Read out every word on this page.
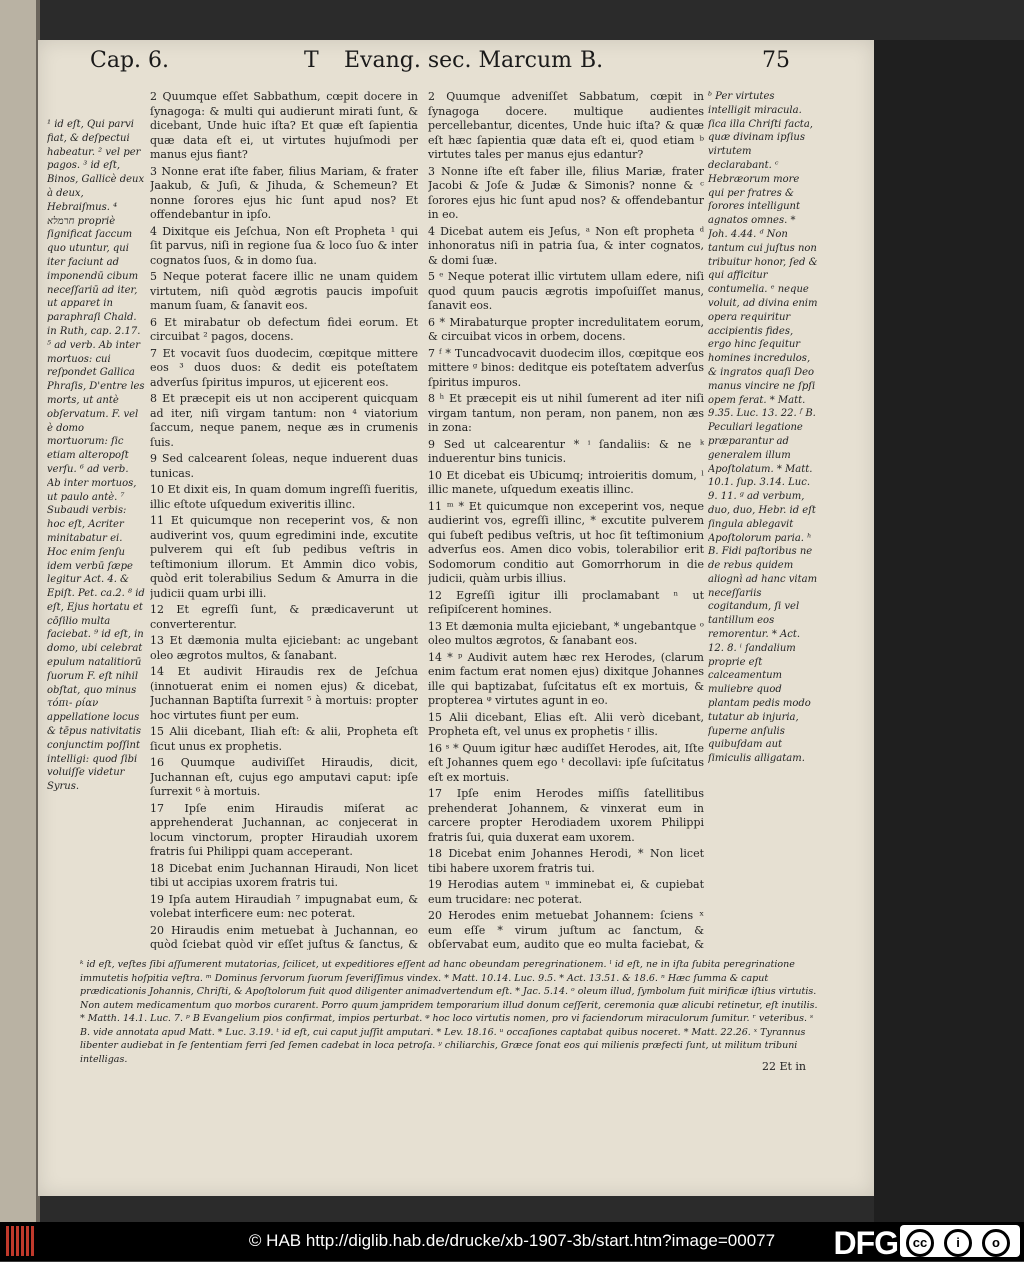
Cap. 6.	T Evang. sec. Marcum B.	75
¹ id eſt, Qui parvi fiat, & deſpectui habeatur. ² vel per pagos. ³ id eſt, Binos, Gallicè deux à deux, Hebraiſmus. ⁴ חרמלא propriè ſignificat ſaccum quo utuntur, qui iter faciunt ad imponendū cibum neceſſariū ad iter, ut apparet in paraphraſi Chald. in Ruth, cap. 2.17. ⁵ ad verb. Ab inter mortuos: cui reſpondet Gallica Phraſis, D'entre les morts, ut antè obſervatum. F. vel è domo mortuorum: ſic etiam alteropoſt verſu. ⁶ ad verb. Ab inter mortuos, ut paulo antè. ⁷ Subaudi verbis: hoc eſt, Acriter minitabatur ei. Hoc enim ſenſu idem verbū ſæpe legitur Act. 4. & Epiſt. Pet. ca.2. ⁸ id eſt, Ejus hortatu et cōſilio multa faciebat. ⁹ id eſt, in domo, ubi celebrat epulum natalitiorū ſuorum F. eſt nihil obſtat, quo minus τόπι- ρίαν appellatione locus & tēpus nativitatis conjunctim poſſint intelligi: quod ſibi voluiſſe videtur Syrus.

2 Quumque eſſet Sabbathum, cœpit docere in ſynagoga: & multi qui audierunt mirati ſunt, & dicebant, Unde huic iſta? Et quæ eſt ſapientia quæ data eſt ei, ut virtutes hujuſmodi per manus ejus fiant?

3 Nonne erat iſte faber, filius Mariam, & frater Jaakub, & Juſi, & Jihuda, & Schemeun? Et nonne ſorores ejus hic ſunt apud nos? Et offendebantur in ipſo.

4 Dixitque eis Jeſchua, Non eſt Propheta ¹ qui ſit parvus, niſi in regione ſua & loco ſuo & inter cognatos ſuos, & in domo ſua.

5 Neque poterat facere illic ne unam quidem virtutem, niſi quòd ægrotis paucis impoſuit manum ſuam, & ſanavit eos.

6 Et mirabatur ob defectum fidei eorum. Et circuibat ² pagos, docens.

7 Et vocavit ſuos duodecim, cœpitque mittere eos ³ duos duos: & dedit eis poteſtatem adverſus ſpiritus impuros, ut ejicerent eos.

8 Et præcepit eis ut non acciperent quicquam ad iter, niſi virgam tantum: non ⁴ viatorium ſaccum, neque panem, neque æs in crumenis ſuis.

9 Sed calcearent ſoleas, neque induerent duas tunicas.

10 Et dixit eis, In quam domum ingreſſi fueritis, illic eſtote uſquedum exiveritis illinc.

11 Et quicumque non receperint vos, & non audiverint vos, quum egredimini inde, excutite pulverem qui eſt ſub pedibus veſtris in teſtimonium illorum. Et Ammin dico vobis, quòd erit tolerabilius Sedum & Amurra in die judicii quam urbi illi.

12 Et egreſſi ſunt, & prædicaverunt ut converterentur.

13 Et dæmonia multa ejiciebant: ac ungebant oleo ægrotos multos, & ſanabant.

14 Et audivit Hiraudis rex de Jeſchua (innotuerat enim ei nomen ejus) & dicebat, Juchannan Baptiſta ſurrexit ⁵ à mortuis: propter hoc virtutes fiunt per eum.

15 Alii dicebant, Iliah eſt: & alii, Propheta eſt ſicut unus ex prophetis.

16 Quumque audiviſſet Hiraudis, dicit, Juchannan eſt, cujus ego amputavi caput: ipſe ſurrexit ⁶ à mortuis.

17 Ipſe enim Hiraudis miſerat ac apprehenderat Juchannan, ac conjecerat in locum vinctorum, propter Hiraudiah uxorem fratris ſui Philippi quam acceperant.

18 Dicebat enim Juchannan Hiraudi, Non licet tibi ut accipias uxorem fratris tui.

19 Ipſa autem Hiraudiah ⁷ impugnabat eum, & volebat interficere eum: nec poterat.

20 Hiraudis enim metuebat à Juchannan, eo quòd ſciebat quòd vir eſſet juſtus & ſanctus, &

2 Quumque adveniſſet Sabbatum, cœpit in ſynagoga docere. multique audientes percellebantur, dicentes, Unde huic iſta? & quæ eſt hæc ſapientia quæ data eſt ei, quod etiam ᵇ virtutes tales per manus ejus edantur?

3 Nonne iſte eſt faber ille, filius Mariæ, frater Jacobi & Joſe & Judæ & Simonis? nonne & ᶜ ſorores ejus hic ſunt apud nos? & offendebantur in eo.

4 Dicebat autem eis Jeſus, ᵃ Non eſt propheta ᵈ inhonoratus niſi in patria ſua, & inter cognatos, & domi ſuæ.

5 ᵉ Neque poterat illic virtutem ullam edere, niſi quod quum paucis ægrotis impoſuiſſet manus, ſanavit eos.

6 * Mirabaturque propter incredulitatem eorum, & circuibat vicos in orbem, docens.

7 ᶠ * Tuncadvocavit duodecim illos, cœpitque eos mittere ᵍ binos: deditque eis poteſtatem adverſus ſpiritus impuros.

8 ʰ Et præcepit eis ut nihil ſumerent ad iter niſi virgam tantum, non peram, non panem, non æs in zona:

9 Sed ut calcearentur * ⁱ ſandaliis: & ne ᵏ induerentur bins tunicis.

10 Et dicebat eis Ubicumq; introieritis domum, ˡ illic manete, uſquedum exeatis illinc.

11 ᵐ * Et quicumque non exceperint vos, neque audierint vos, egreſſi illinc, * excutite pulverem qui ſubeſt pedibus veſtris, ut hoc ſit teſtimonium adverſus eos. Amen dico vobis, tolerabilior erit Sodomorum conditio aut Gomorrhorum in die judicii, quàm urbis illius.

12 Egreſſi igitur illi proclamabant ⁿ ut reſipiſcerent homines.

13 Et dæmonia multa ejiciebant, * ungebantque ᵒ oleo multos ægrotos, & ſanabant eos.

14 * ᵖ Audivit autem hæc rex Herodes, (clarum enim factum erat nomen ejus) dixitque Johannes ille qui baptizabat, ſuſcitatus eſt ex mortuis, & propterea ᵠ virtutes agunt in eo.

15 Alii dicebant, Elias eſt. Alii verò dicebant, Propheta eſt, vel unus ex prophetis ʳ illis.

16 ˢ * Quum igitur hæc audiſſet Herodes, ait, Iſte eſt Johannes quem ego ᵗ decollavi: ipſe ſuſcitatus eſt ex mortuis.

17 Ipſe enim Herodes miſſis ſatellitibus prehenderat Johannem, & vinxerat eum in carcere propter Herodiadem uxorem Philippi fratris ſui, quia duxerat eam uxorem.

18 Dicebat enim Johannes Herodi, * Non licet tibi habere uxorem fratris tui.

19 Herodias autem ᵘ imminebat ei, & cupiebat eum trucidare: nec poterat.

20 Herodes enim metuebat Johannem: ſciens ˣ eum eſſe * virum juſtum ac ſanctum, & obſervabat eum, audito que eo multa faciebat, &

ᵇ Per virtutes intelligit miracula. ſica illa Chriſti facta, quæ divinam ipſius virtutem declarabant. ᶜ Hebræorum more qui per fratres & ſorores intelligunt agnatos omnes. * Joh. 4.44. ᵈ Non tantum cui juſtus non tribuitur honor, ſed & qui afficitur contumelia. ᵉ neque voluit, ad divina enim opera requiritur accipientis fides, ergo hinc ſequitur homines incredulos, & ingratos quaſi Deo manus vincire ne ſpſi opem ferat. * Matt. 9.35. Luc. 13. 22. ᶠ B. Peculiari legatione præparantur ad generalem illum Apoſtolatum. * Matt. 10.1. ſup. 3.14. Luc. 9. 11. ᵍ ad verbum, duo, duo, Hebr. id eſt ſingula ablegavit Apoſtolorum paria. ʰ B. Fidi paſtoribus ne de rebus quidem aliognì ad hanc vitam neceſſariis cogitandum, ſi vel tantillum eos remorentur. * Act. 12. 8. ⁱ ſandalium proprie eſt calceamentum muliebre quod plantam pedis modo tutatur ab injuria, ſuperne anſulis quibuſdam aut ſimiculis alligatam.
ᵏ id eſt, veſtes ſibi aſſumerent mutatorias, ſcilicet, ut expeditiores eſſent ad hanc obeundam peregrinationem. ˡ id eſt, ne in iſta ſubita peregrinatione immutetis hoſpitia veſtra. ᵐ Dominus ſervorum ſuorum ſeveriſſimus vindex. * Matt. 10.14. Luc. 9.5. * Act. 13.51. & 18.6. ⁿ Hæc ſumma & caput prædicationis Johannis, Chriſti, & Apoſtolorum fuit quod diligenter animadvertendum eſt. * Jac. 5.14. ᵒ oleum illud, ſymbolum fuit mirificæ iſtius virtutis. Non autem medicamentum quo morbos curarent. Porro quum jampridem temporarium illud donum ceſſerit, ceremonia quæ alicubi retinetur, eſt inutilis. * Matth. 14.1. Luc. 7. ᵖ B Evangelium pios confirmat, impios perturbat. ᵠ hoc loco virtutis nomen, pro vi faciendorum miraculorum ſumitur. ʳ veteribus. ˢ B. vide annotata apud Matt. * Luc. 3.19. ᵗ id eſt, cui caput juſſit amputari. * Lev. 18.16. ᵘ occaſiones captabat quibus noceret. * Matt. 22.26. ˣ Tyrannus libenter audiebat in ſe ſententiam ferri ſed ſemen cadebat in loca petroſa. ʸ chiliarchis, Græce ſonat eos qui milienis præfecti ſunt, ut militum tribuni intelligas.
22 Et in
© HAB http://diglib.hab.de/drucke/xb-1907-3b/start.htm?image=00077	DFG	cc	i	o
